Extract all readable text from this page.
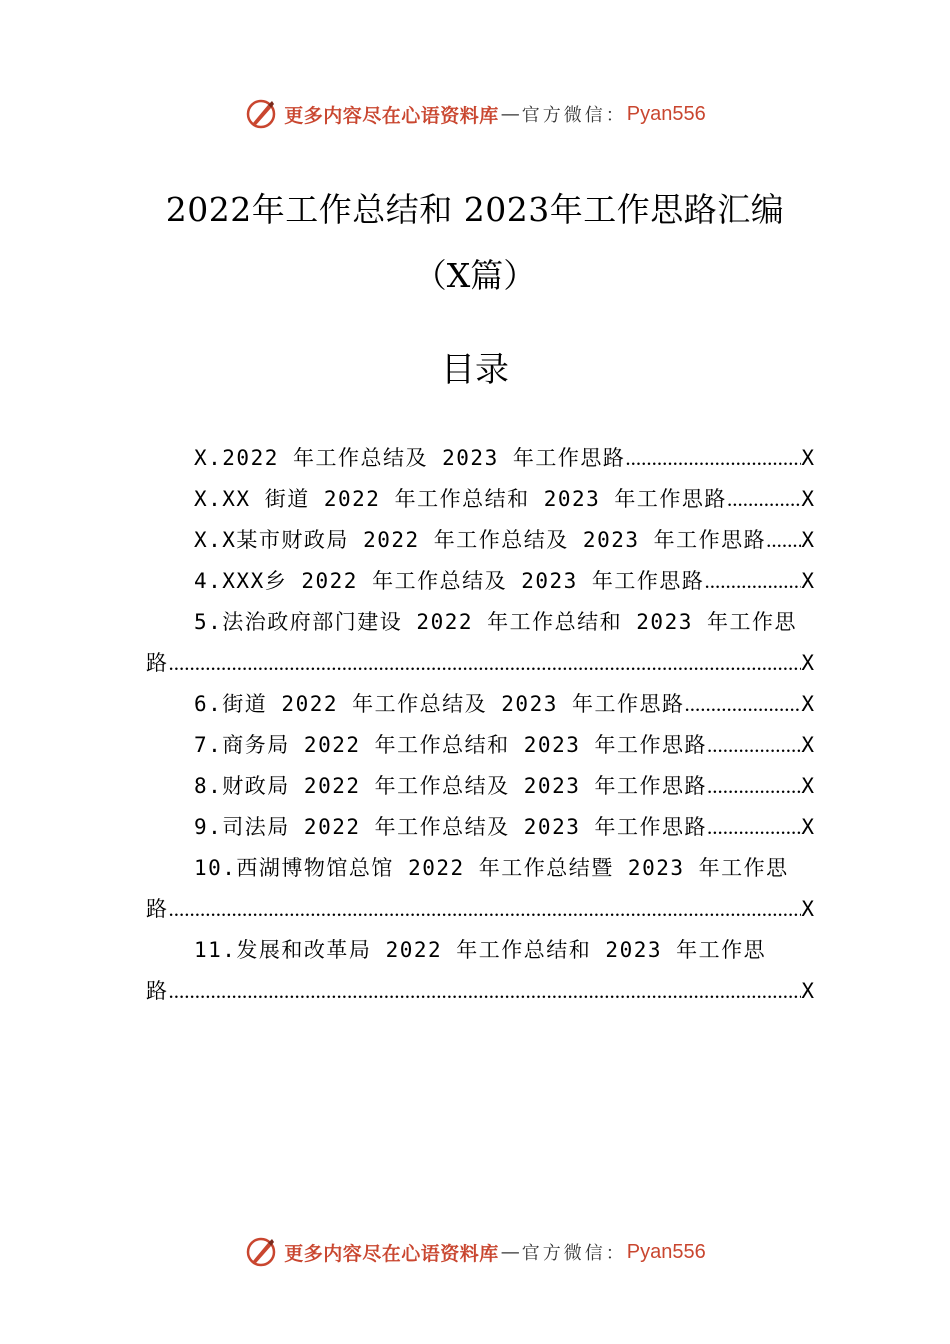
更多内容尽在心语资料库 — 官方微信： Pyan556
2022年工作总结和 2023年工作思路汇编
（X篇）
目录
X.2022 年工作总结及 2023 年工作思路 .....	X
X.XX 街道 2022 年工作总结和 2023 年工作思路 .....	X
X.X某市财政局 2022 年工作总结及 2023 年工作思路 ..... X
4.XXX乡 2022 年工作总结及 2023 年工作思路 .....	X
5.法治政府部门建设 2022 年工作总结和 2023 年工作思
路 .....	X
6.街道 2022 年工作总结及 2023 年工作思路 .....	X
7.商务局 2022 年工作总结和 2023 年工作思路 .....	X
8.财政局 2022 年工作总结及 2023 年工作思路 .....	X
9.司法局 2022 年工作总结及 2023 年工作思路 .....	X
10.西湖博物馆总馆 2022 年工作总结暨 2023 年工作思
路 .....	X
11.发展和改革局 2022 年工作总结和 2023 年工作思
路 .....	X
更多内容尽在心语资料库 — 官方微信： Pyan556
